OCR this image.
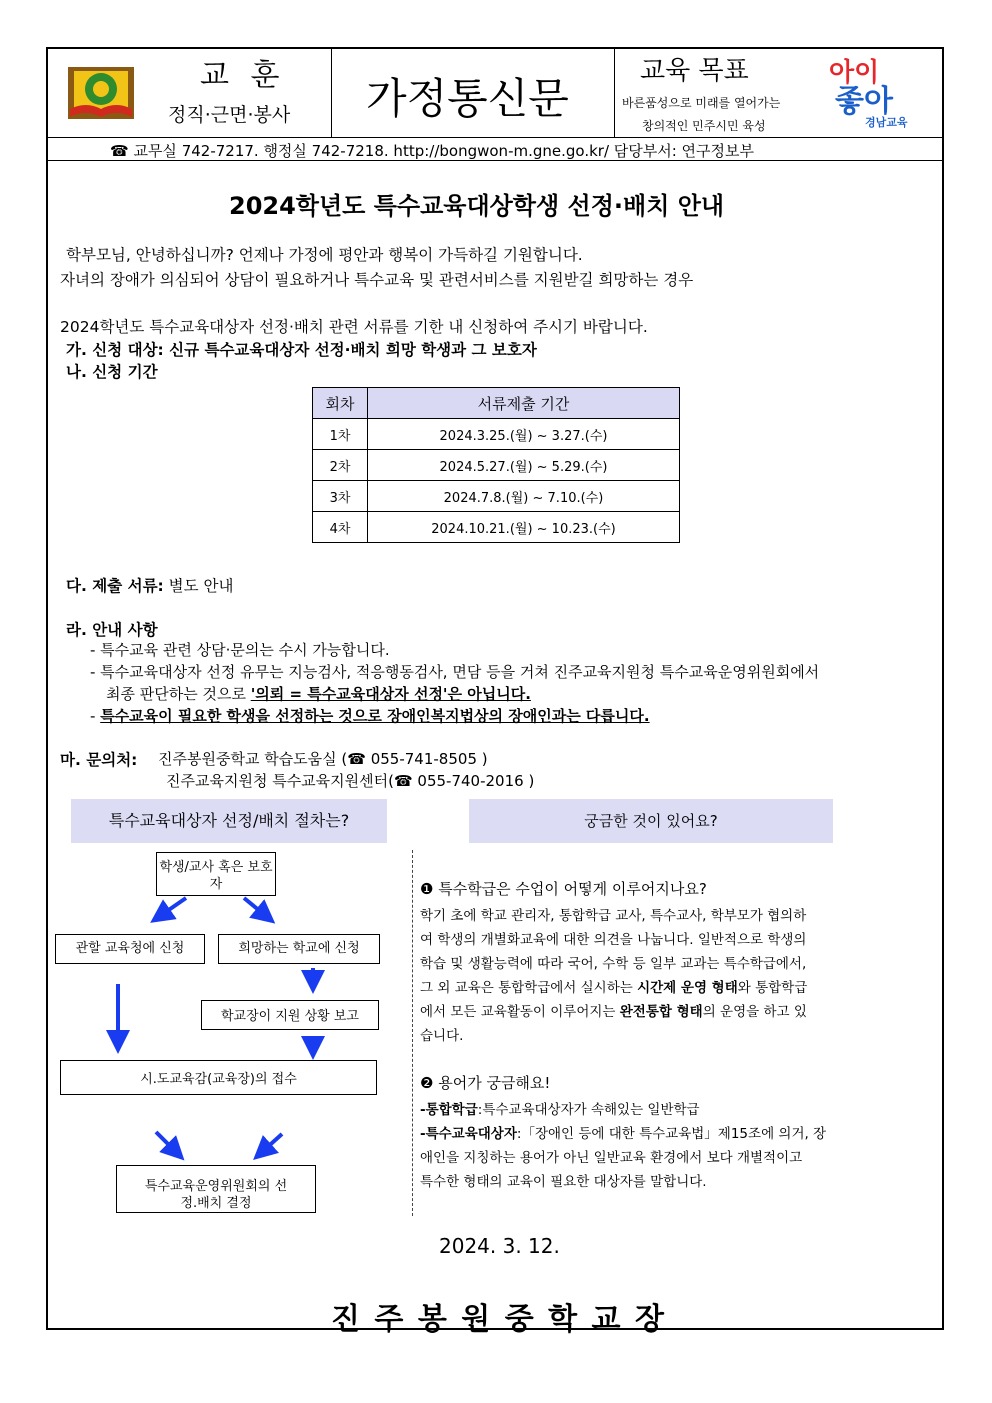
교 훈
정직·근면·봉사 가정통신문
교육 목표
바른품성으로 미래를 열어가는
창의적인 민주시민 육성
아이
좋아
경남교육
☎ 교무실 742-7217. 행정실 742-7218. http://bongwon-m.gne.go.kr/ 담당부서: 연구정보부
2024학년도 특수교육대상학생 선정·배치 안내
학부모님, 안녕하십니까? 언제나 가정에 평안과 행복이 가득하길 기원합니다.
자녀의 장애가 의심되어 상담이 필요하거나 특수교육 및 관련서비스를 지원받길 희망하는 경우
2024학년도 특수교육대상자 선정·배치 관련 서류를 기한 내 신청하여 주시기 바랍니다.
가. 신청 대상: 신규 특수교육대상자 선정·배치 희망 학생과 그 보호자
나. 신청 기간
회차	서류제출 기간
1차	2024.3.25.(월) ~ 3.27.(수)
2차	2024.5.27.(월) ~ 5.29.(수)
3차	2024.7.8.(월) ~ 7.10.(수)
4차	2024.10.21.(월) ~ 10.23.(수)
다. 제출 서류: 별도 안내
라. 안내 사항
- 특수교육 관련 상담·문의는 수시 가능합니다.
- 특수교육대상자 선정 유무는 지능검사, 적응행동검사, 면담 등을 거쳐 진주교육지원청 특수교육운영위원회에서
최종 판단하는 것으로 '의뢰 = 특수교육대상자 선정'은 아닙니다.
- 특수교육이 필요한 학생을 선정하는 것으로 장애인복지법상의 장애인과는 다릅니다.
마. 문의처: 진주봉원중학교 학습도움실 (☎ 055-741-8505 )
진주교육지원청 특수교육지원센터(☎ 055-740-2016 )
특수교육대상자 선정/배치 절차는?	궁금한 것이 있어요?
학생/교사 혹은 보호자
관할 교육청에 신청	희망하는 학교에 신청
학교장이 지원 상황 보고
시.도교육감(교육장)의 접수
특수교육운영위원회의 선정.배치 결정
❶ 특수학급은 수업이 어떻게 이루어지나요?
학기 초에 학교 관리자, 통합학급 교사, 특수교사, 학부모가 협의하
여 학생의 개별화교육에 대한 의견을 나눕니다. 일반적으로 학생의
학습 및 생활능력에 따라 국어, 수학 등 일부 교과는 특수학급에서,
그 외 교육은 통합학급에서 실시하는 시간제 운영 형태와 통합학급
에서 모든 교육활동이 이루어지는 완전통합 형태의 운영을 하고 있
습니다.
❷ 용어가 궁금해요!
-통합학급:특수교육대상자가 속해있는 일반학급
-특수교육대상자:「장애인 등에 대한 특수교육법」제15조에 의거, 장
애인을 지칭하는 용어가 아닌 일반교육 환경에서 보다 개별적이고
특수한 형태의 교육이 필요한 대상자를 말합니다.
2024. 3. 12.
진 주 봉 원 중 학 교 장
